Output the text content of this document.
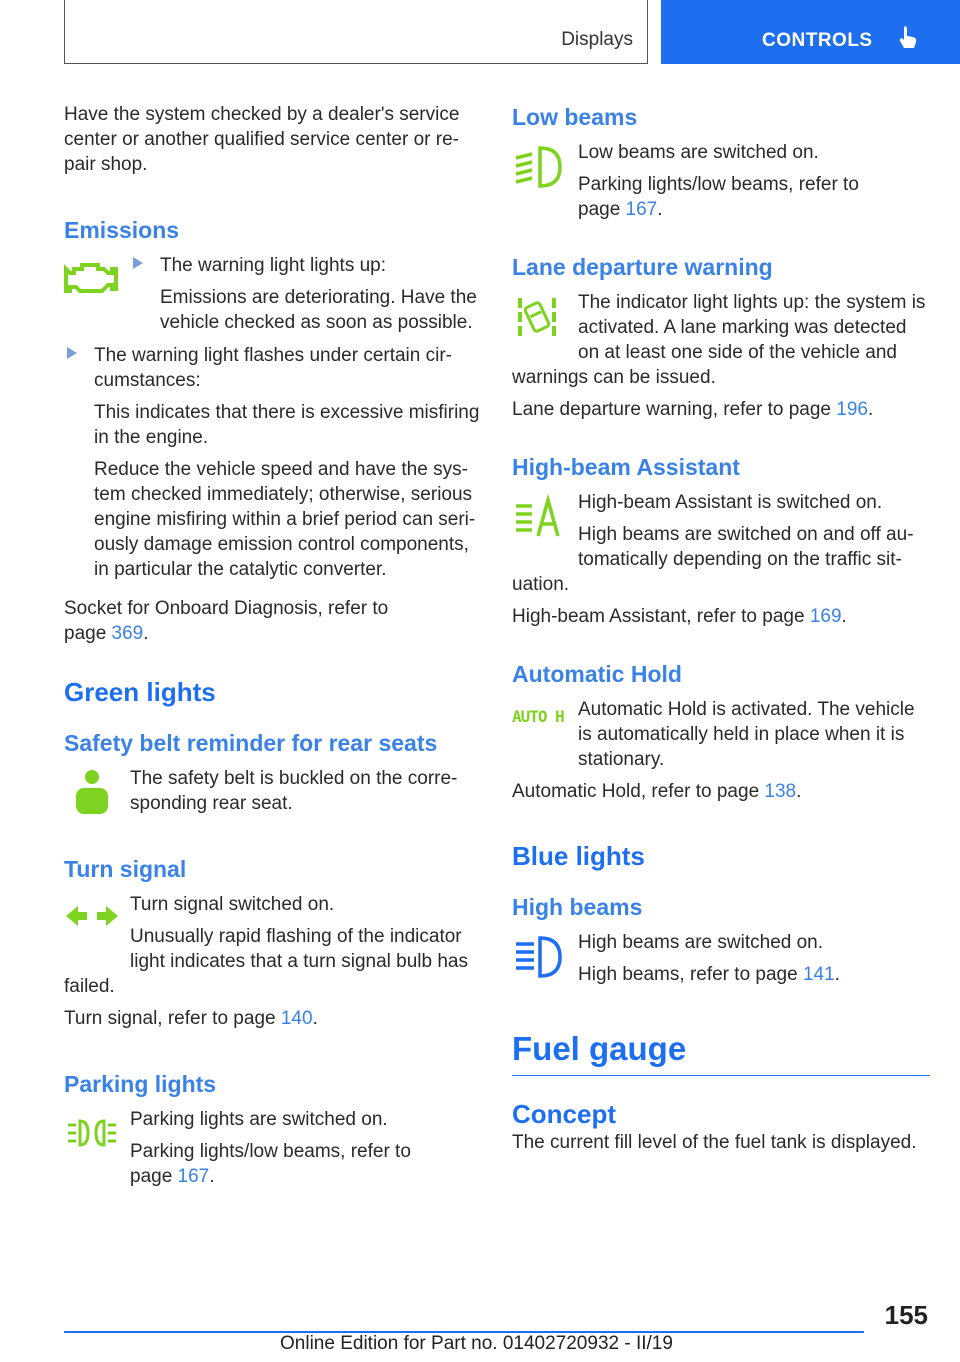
Displays	CONTROLS

Have the system checked by a dealer's service center or another qualified service center or re‐pair shop.

Emissions

The warning light lights up:

Emissions are deteriorating. Have the vehicle checked as soon as possible.

The warning light flashes under certain cir‐cumstances:

This indicates that there is excessive misfiring in the engine.

Reduce the vehicle speed and have the sys‐tem checked immediately; otherwise, serious engine misfiring within a brief period can seri‐ously damage emission control components, in particular the catalytic converter.

Socket for Onboard Diagnosis, refer to page 369.

Green lights
Safety belt reminder for rear seats

The safety belt is buckled on the corre‐sponding rear seat.

Turn signal

Turn signal switched on.

Unusually rapid flashing of the indicator light indicates that a turn signal bulb has

failed.

Turn signal, refer to page 140.

Parking lights

Parking lights are switched on.

Parking lights/low beams, refer to page 167.

Low beams

Low beams are switched on.

Parking lights/low beams, refer to page 167.

Lane departure warning

The indicator light lights up: the system is activated. A lane marking was detected on at least one side of the vehicle and

warnings can be issued.

Lane departure warning, refer to page 196.

High-beam Assistant

High-beam Assistant is switched on.

High beams are switched on and off au‐tomatically depending on the traffic sit‐

uation.

High-beam Assistant, refer to page 169.

Automatic Hold
AUTO H Automatic Hold is activated. The vehicle is automatically held in place when it is stationary.

Automatic Hold, refer to page 138.

Blue lights
High beams

High beams are switched on.

High beams, refer to page 141.

Fuel gauge
Concept

The current fill level of the fuel tank is displayed.

155
Online Edition for Part no. 01402720932 - II/19
